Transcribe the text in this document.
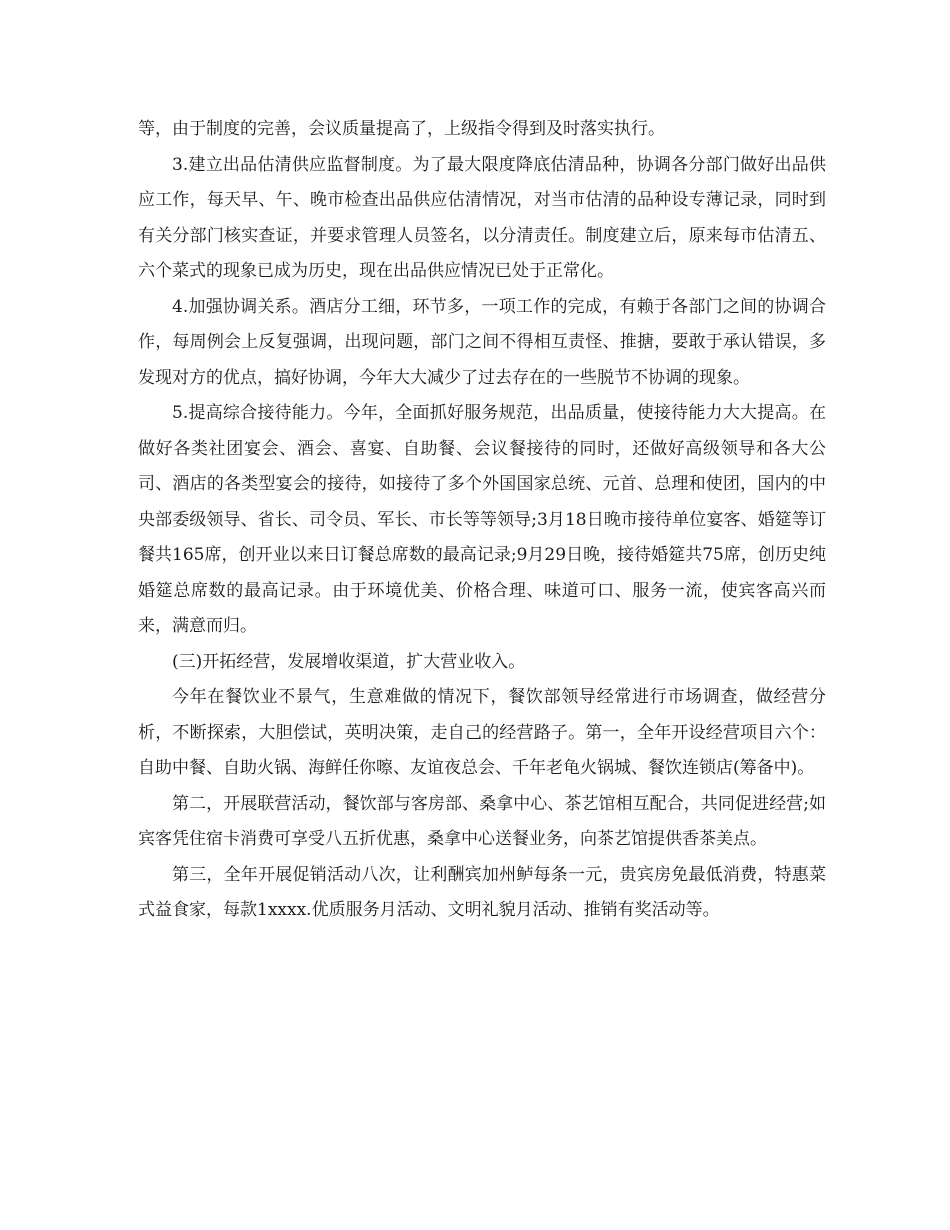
等，由于制度的完善，会议质量提高了，上级指令得到及时落实执行。

3.建立出品估清供应监督制度。为了最大限度降底估清品种，协调各分部门做好出品供应工作，每天早、午、晚市检查出品供应估清情况，对当市估清的品种设专薄记录，同时到有关分部门核实查证，并要求管理人员签名，以分清责任。制度建立后，原来每市估清五、六个菜式的现象已成为历史，现在出品供应情况已处于正常化。

4.加强协调关系。酒店分工细，环节多，一项工作的完成，有赖于各部门之间的协调合作，每周例会上反复强调，出现问题，部门之间不得相互责怪、推搪，要敢于承认错误，多发现对方的优点，搞好协调，今年大大减少了过去存在的一些脱节不协调的现象。

5.提高综合接待能力。今年，全面抓好服务规范，出品质量，使接待能力大大提高。在做好各类社团宴会、酒会、喜宴、自助餐、会议餐接待的同时，还做好高级领导和各大公司、酒店的各类型宴会的接待，如接待了多个外国国家总统、元首、总理和使团，国内的中央部委级领导、省长、司令员、军长、市长等等领导;3月18日晚市接待单位宴客、婚筵等订餐共165席，创开业以来日订餐总席数的最高记录;9月29日晚，接待婚筵共75席，创历史纯婚筵总席数的最高记录。由于环境优美、价格合理、味道可口、服务一流，使宾客高兴而来，满意而归。

(三)开拓经营，发展增收渠道，扩大营业收入。

今年在餐饮业不景气，生意难做的情况下，餐饮部领导经常进行市场调查，做经营分析，不断探索，大胆偿试，英明决策，走自己的经营路子。第一，全年开设经营项目六个：自助中餐、自助火锅、海鲜任你嚓、友谊夜总会、千年老龟火锅城、餐饮连锁店(筹备中)。

第二，开展联营活动，餐饮部与客房部、桑拿中心、茶艺馆相互配合，共同促进经营;如宾客凭住宿卡消费可享受八五折优惠，桑拿中心送餐业务，向茶艺馆提供香茶美点。

第三，全年开展促销活动八次，让利酬宾加州鲈每条一元，贵宾房免最低消费，特惠菜式益食家，每款1xxxx.优质服务月活动、文明礼貌月活动、推销有奖活动等。
